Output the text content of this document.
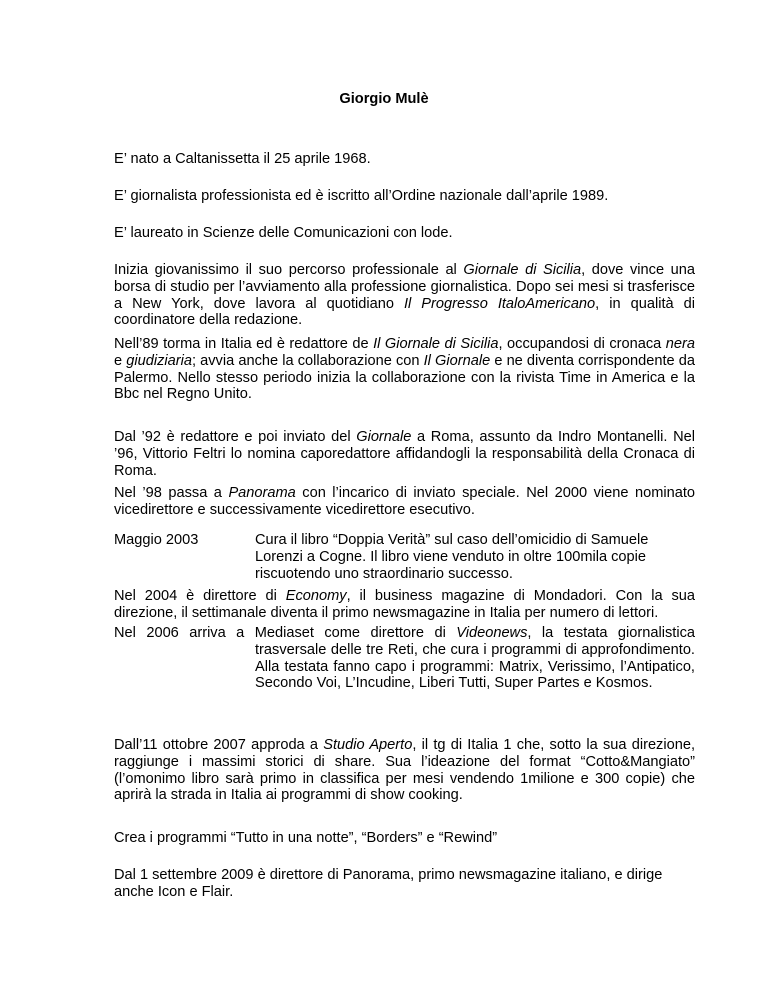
Giorgio Mulè

E’ nato a Caltanissetta il 25 aprile 1968.

E’ giornalista professionista ed è iscritto all’Ordine nazionale dall’aprile 1989.

E’ laureato in Scienze delle Comunicazioni con lode.

Inizia giovanissimo il suo percorso professionale al Giornale di Sicilia, dove vince una borsa di studio per l’avviamento alla professione giornalistica. Dopo sei mesi si trasferisce a New York, dove lavora al quotidiano Il Progresso ItaloAmericano, in qualità di coordinatore della redazione.

Nell’89 torma in Italia ed è redattore de Il Giornale di Sicilia, occupandosi di cronaca nera e giudiziaria; avvia anche la collaborazione con Il Giornale e ne diventa corrispondente da Palermo. Nello stesso periodo inizia la collaborazione con la rivista Time in America e la Bbc nel Regno Unito.

Dal ’92 è redattore e poi inviato del Giornale a Roma, assunto da Indro Montanelli. Nel ’96, Vittorio Feltri lo nomina caporedattore affidandogli la responsabilità della Cronaca di Roma.

Nel ’98 passa a Panorama con l’incarico di inviato speciale. Nel 2000 viene nominato vicedirettore e successivamente vicedirettore esecutivo.

Maggio 2003	Cura il libro “Doppia Verità” sul caso dell’omicidio di Samuele Lorenzi a Cogne. Il libro viene venduto in oltre 100mila copie riscuotendo uno straordinario successo.

Nel 2004 è direttore di Economy, il business magazine di Mondadori. Con la sua direzione, il settimanale diventa il primo newsmagazine in Italia per numero di lettori.

Nel 2006 arriva a Mediaset come direttore di Videonews, la testata giornalistica
trasversale delle tre Reti, che cura i programmi di approfondimento. Alla testata fanno capo i programmi: Matrix, Verissimo, l’Antipatico, Secondo Voi, L’Incudine, Liberi Tutti, Super Partes e Kosmos.

Dall’11 ottobre 2007 approda a Studio Aperto, il tg di Italia 1 che, sotto la sua direzione, raggiunge i massimi storici di share. Sua l’ideazione del format “Cotto&Mangiato” (l’omonimo libro sarà primo in classifica per mesi vendendo 1milione e 300 copie) che aprirà la strada in Italia ai programmi di show cooking.

Crea i programmi “Tutto in una notte”, “Borders” e “Rewind”

Dal 1 settembre 2009 è direttore di Panorama, primo newsmagazine italiano, e dirige anche Icon e Flair.
